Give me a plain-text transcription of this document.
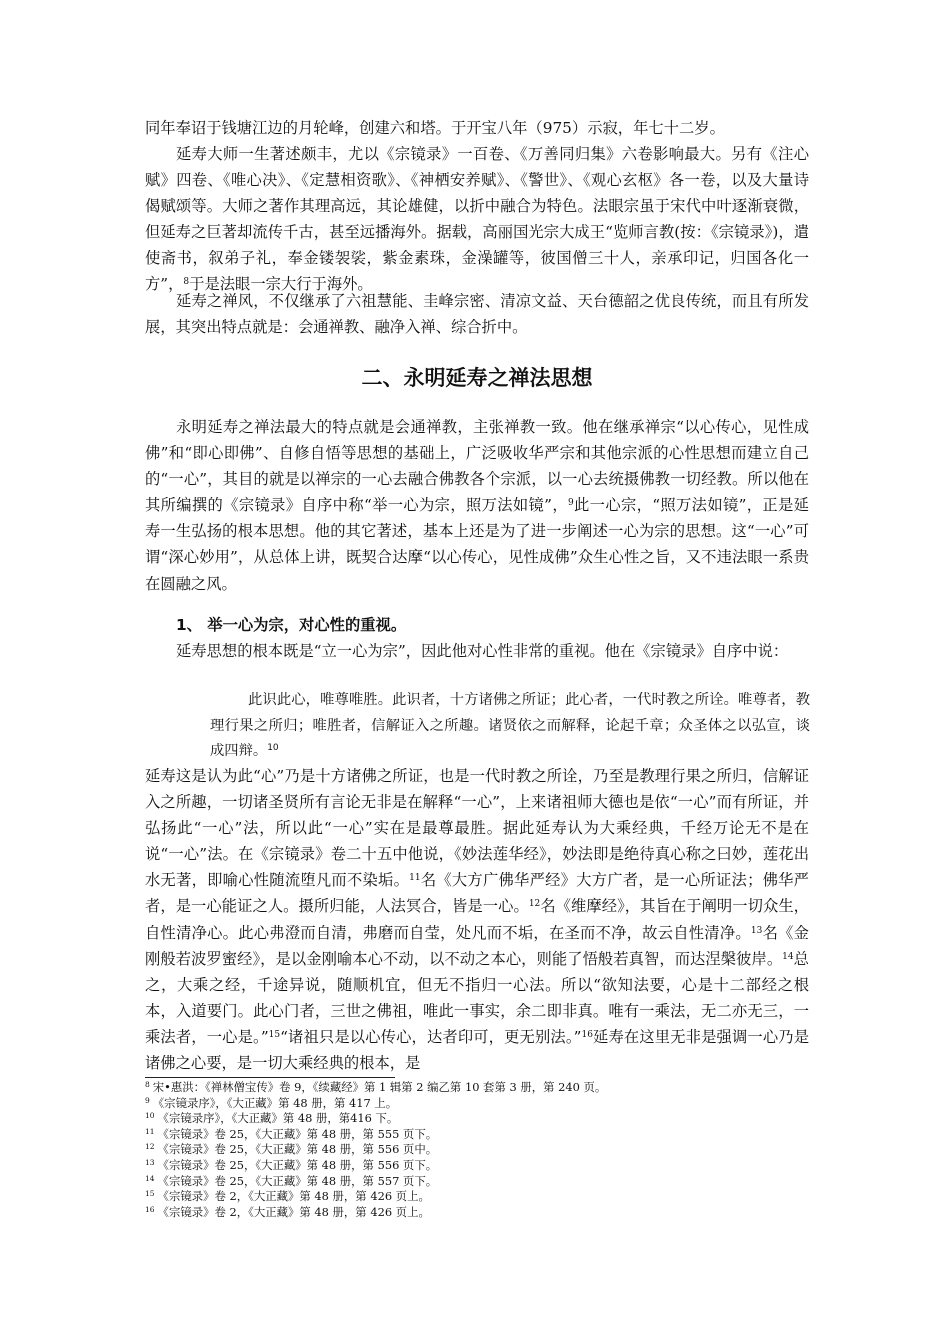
同年奉诏于钱塘江边的月轮峰，创建六和塔。于开宝八年（975）示寂，年七十二岁。

延寿大师一生著述颇丰，尤以《宗镜录》一百卷、《万善同归集》六卷影响最大。另有《注心赋》四卷、《唯心决》、《定慧相资歌》、《神栖安养赋》、《警世》、《观心玄枢》各一卷，以及大量诗偈赋颂等。大师之著作其理高远，其论雄健，以折中融合为特色。法眼宗虽于宋代中叶逐渐衰微，但延寿之巨著却流传千古，甚至远播海外。据载，高丽国光宗大成王“览师言教(按：《宗镜录》)，遣使斋书，叙弟子礼，奉金镂袈裟，紫金素珠，金澡罐等，彼国僧三十人，亲承印记，归国各化一方”，$^8$于是法眼一宗大行于海外。

延寿之禅风，不仅继承了六祖慧能、圭峰宗密、清凉文益、天台德韶之优良传统，而且有所发展，其突出特点就是：会通禅教、融净入禅、综合折中。

二、永明延寿之禅法思想

永明延寿之禅法最大的特点就是会通禅教，主张禅教一致。他在继承禅宗“以心传心，见性成佛”和“即心即佛”、自修自悟等思想的基础上，广泛吸收华严宗和其他宗派的心性思想而建立自己的“一心”，其目的就是以禅宗的一心去融合佛教各个宗派，以一心去统摄佛教一切经教。所以他在其所编撰的《宗镜录》自序中称“举一心为宗，照万法如镜”，$^9$此一心宗，“照万法如镜”，正是延寿一生弘扬的根本思想。他的其它著述，基本上还是为了进一步阐述一心为宗的思想。这“一心”可谓“深心妙用”，从总体上讲，既契合达摩“以心传心，见性成佛”众生心性之旨，又不违法眼一系贵在圆融之风。

1、 举一心为宗，对心性的重视。

延寿思想的根本既是“立一心为宗”，因此他对心性非常的重视。他在《宗镜录》自序中说：

此识此心，唯尊唯胜。此识者，十方诸佛之所证；此心者，一代时教之所诠。唯尊者，教理行果之所归；唯胜者，信解证入之所趣。诸贤依之而解释，论起千章；众圣体之以弘宣，谈成四辩。$^{10}$

延寿这是认为此“心”乃是十方诸佛之所证，也是一代时教之所诠，乃至是教理行果之所归，信解证入之所趣，一切诸圣贤所有言论无非是在解释“一心”，上来诸祖师大德也是依“一心”而有所证，并弘扬此“一心”法，所以此“一心”实在是最尊最胜。据此延寿认为大乘经典，千经万论无不是在说“一心”法。在《宗镜录》卷二十五中他说，《妙法莲华经》，妙法即是绝待真心称之曰妙，莲花出水无著，即喻心性随流堕凡而不染垢。$^{11}$名《大方广佛华严经》大方广者，是一心所证法；佛华严者，是一心能证之人。摄所归能，人法冥合，皆是一心。$^{12}$名《维摩经》，其旨在于阐明一切众生，自性清净心。此心弗澄而自清，弗磨而自莹，处凡而不垢，在圣而不净，故云自性清净。$^{13}$名《金刚般若波罗蜜经》，是以金刚喻本心不动，以不动之本心，则能了悟般若真智，而达涅槃彼岸。$^{14}$总之，大乘之经，千途异说，随顺机宜，但无不指归一心法。所以“欲知法要，心是十二部经之根本，入道要门。此心门者，三世之佛祖，唯此一事实，余二即非真。唯有一乘法，无二亦无三，一乘法者，一心是。”$^{15}$“诸祖只是以心传心，达者印可，更无别法。”$^{16}$延寿在这里无非是强调一心乃是诸佛之心要，是一切大乘经典的根本，是

$^8$ 宋•惠洪：《禅林僧宝传》卷 9，《续藏经》第 1 辑第 2 编乙第 10 套第 3 册，第 240 页。
$^9$ 《宗镜录序》，《大正藏》第 48 册，第 417 上。
$^{10}$ 《宗镜录序》，《大正藏》第 48 册，第416 下。
$^{11}$ 《宗镜录》卷 25，《大正藏》第 48 册，第 555 页下。
$^{12}$ 《宗镜录》卷 25，《大正藏》第 48 册，第 556 页中。
$^{13}$ 《宗镜录》卷 25，《大正藏》第 48 册，第 556 页下。
$^{14}$ 《宗镜录》卷 25，《大正藏》第 48 册，第 557 页下。
$^{15}$ 《宗镜录》卷 2，《大正藏》第 48 册，第 426 页上。
$^{16}$ 《宗镜录》卷 2，《大正藏》第 48 册，第 426 页上。
